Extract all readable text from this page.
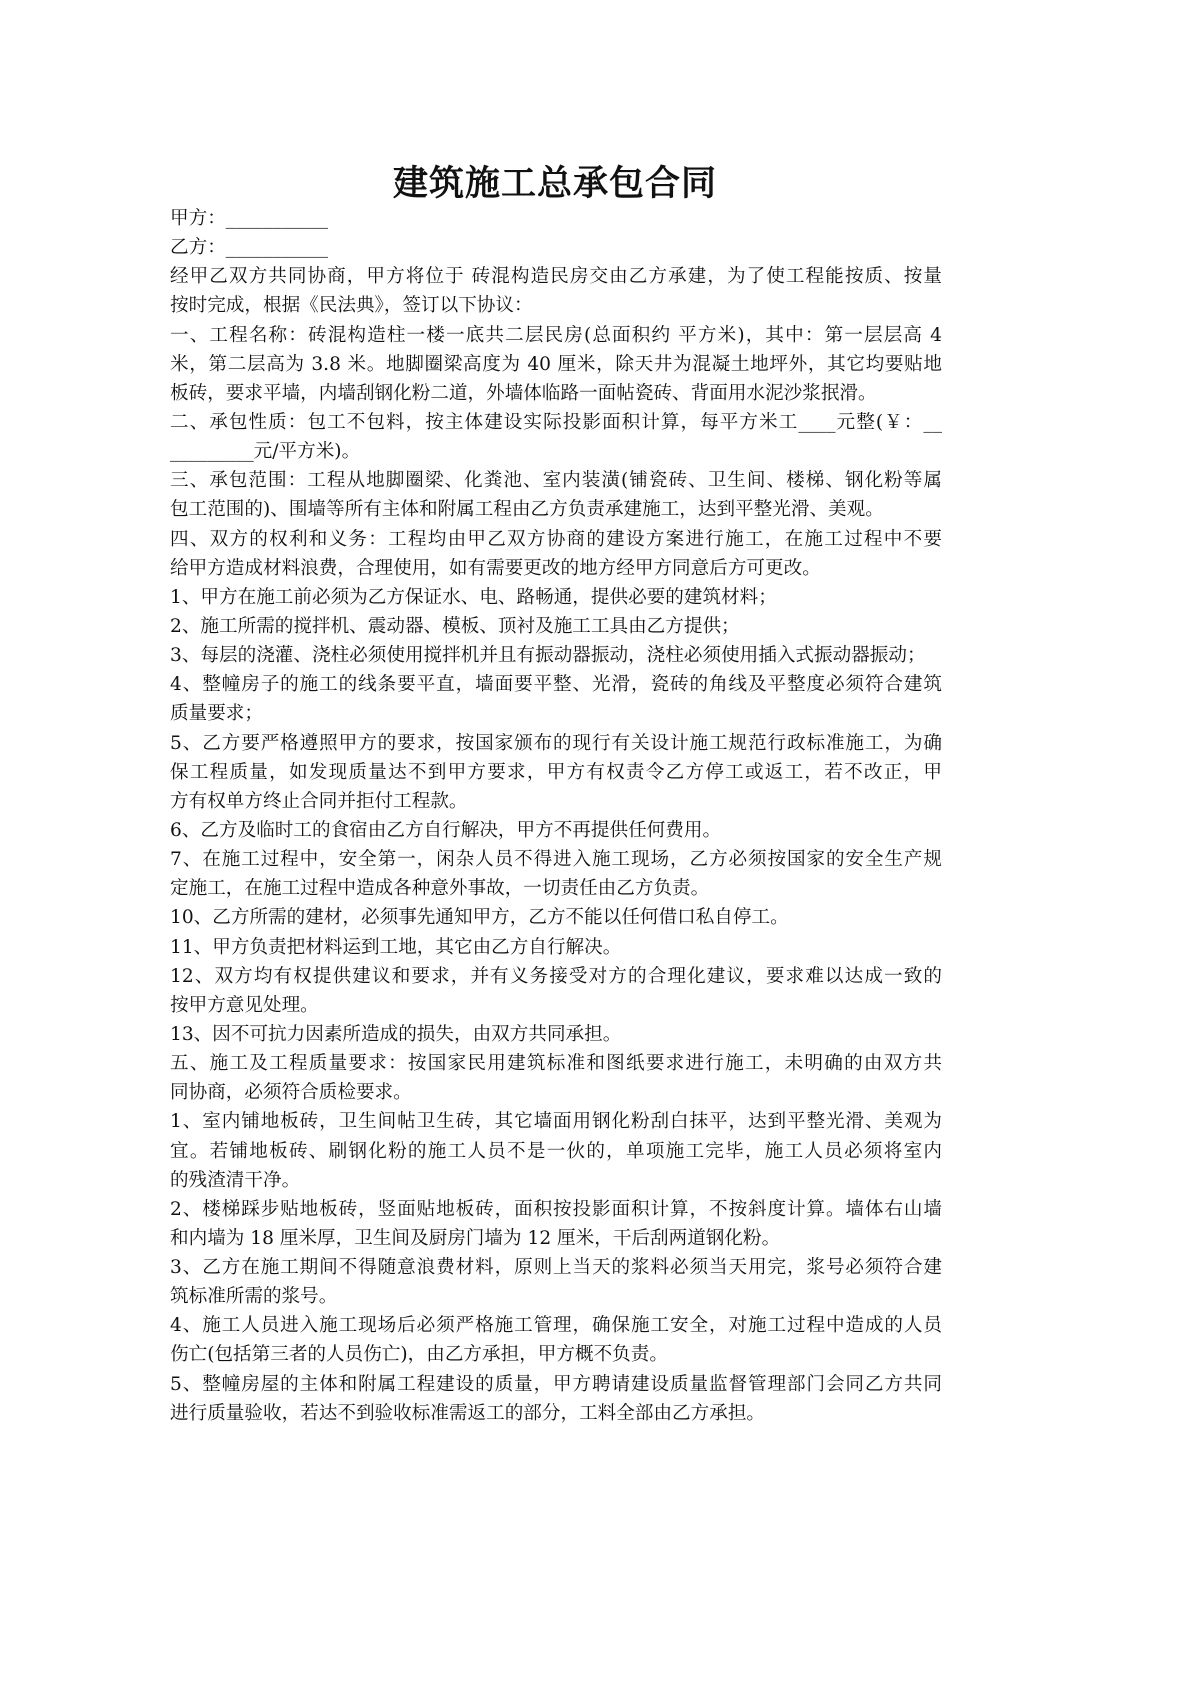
建筑施工总承包合同
甲方：___________
乙方：___________
经甲乙双方共同协商，甲方将位于 砖混构造民房交由乙方承建，为了使工程能按质、按量
按时完成，根据《民法典》，签订以下协议：
一、工程名称：砖混构造柱一楼一底共二层民房(总面积约 平方米)，其中：第一层层高 4
米，第二层高为 3.8 米。地脚圈梁高度为 40 厘米，除天井为混凝土地坪外，其它均要贴地
板砖，要求平墙，内墙刮钢化粉二道，外墙体临路一面帖瓷砖、背面用水泥沙浆抿滑。
二、承包性质：包工不包料，按主体建设实际投影面积计算，每平方米工____元整(￥：__
_________元/平方米)。
三、承包范围：工程从地脚圈梁、化粪池、室内装潢(铺瓷砖、卫生间、楼梯、钢化粉等属
包工范围的)、围墙等所有主体和附属工程由乙方负责承建施工，达到平整光滑、美观。
四、双方的权利和义务：工程均由甲乙双方协商的建设方案进行施工，在施工过程中不要
给甲方造成材料浪费，合理使用，如有需要更改的地方经甲方同意后方可更改。
1、甲方在施工前必须为乙方保证水、电、路畅通，提供必要的建筑材料；
2、施工所需的搅拌机、震动器、模板、顶衬及施工工具由乙方提供；
3、每层的浇灌、浇柱必须使用搅拌机并且有振动器振动，浇柱必须使用插入式振动器振动；
4、整幢房子的施工的线条要平直，墙面要平整、光滑，瓷砖的角线及平整度必须符合建筑
质量要求；
5、乙方要严格遵照甲方的要求，按国家颁布的现行有关设计施工规范行政标准施工，为确
保工程质量，如发现质量达不到甲方要求，甲方有权责令乙方停工或返工，若不改正，甲
方有权单方终止合同并拒付工程款。
6、乙方及临时工的食宿由乙方自行解决，甲方不再提供任何费用。
7、在施工过程中，安全第一，闲杂人员不得进入施工现场，乙方必须按国家的安全生产规
定施工，在施工过程中造成各种意外事故，一切责任由乙方负责。
10、乙方所需的建材，必须事先通知甲方，乙方不能以任何借口私自停工。
11、甲方负责把材料运到工地，其它由乙方自行解决。
12、双方均有权提供建议和要求，并有义务接受对方的合理化建议，要求难以达成一致的
按甲方意见处理。
13、因不可抗力因素所造成的损失，由双方共同承担。
五、施工及工程质量要求：按国家民用建筑标准和图纸要求进行施工，未明确的由双方共
同协商，必须符合质检要求。
1、室内铺地板砖，卫生间帖卫生砖，其它墙面用钢化粉刮白抹平，达到平整光滑、美观为
宜。若铺地板砖、刷钢化粉的施工人员不是一伙的，单项施工完毕，施工人员必须将室内
的残渣清干净。
2、楼梯踩步贴地板砖，竖面贴地板砖，面积按投影面积计算，不按斜度计算。墙体右山墙
和内墙为 18 厘米厚，卫生间及厨房门墙为 12 厘米，干后刮两道钢化粉。
3、乙方在施工期间不得随意浪费材料，原则上当天的浆料必须当天用完，浆号必须符合建
筑标准所需的浆号。
4、施工人员进入施工现场后必须严格施工管理，确保施工安全，对施工过程中造成的人员
伤亡(包括第三者的人员伤亡)，由乙方承担，甲方概不负责。
5、整幢房屋的主体和附属工程建设的质量，甲方聘请建设质量监督管理部门会同乙方共同
进行质量验收，若达不到验收标准需返工的部分，工料全部由乙方承担。
